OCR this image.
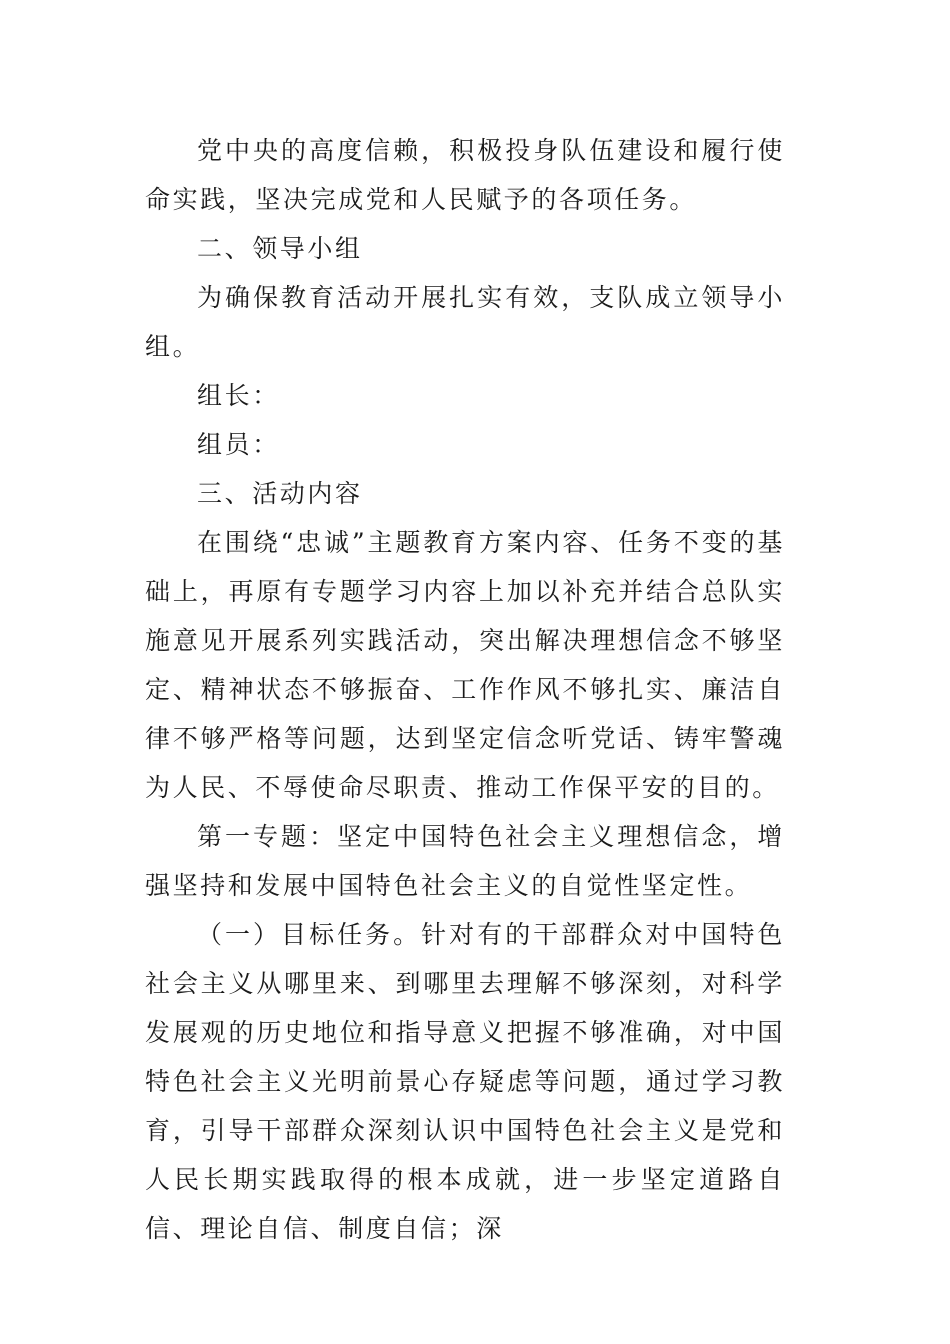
党中央的高度信赖，积极投身队伍建设和履行使命实践，坚决完成党和人民赋予的各项任务。

二、领导小组

为确保教育活动开展扎实有效，支队成立领导小组。

组长：

组员：

三、活动内容

在围绕“忠诚”主题教育方案内容、任务不变的基础上，再原有专题学习内容上加以补充并结合总队实施意见开展系列实践活动，突出解决理想信念不够坚定、精神状态不够振奋、工作作风不够扎实、廉洁自律不够严格等问题，达到坚定信念听党话、铸牢警魂为人民、不辱使命尽职责、推动工作保平安的目的。

第一专题：坚定中国特色社会主义理想信念，增强坚持和发展中国特色社会主义的自觉性坚定性。

（一）目标任务。针对有的干部群众对中国特色社会主义从哪里来、到哪里去理解不够深刻，对科学发展观的历史地位和指导意义把握不够准确，对中国特色社会主义光明前景心存疑虑等问题，通过学习教育，引导干部群众深刻认识中国特色社会主义是党和人民长期实践取得的根本成就，进一步坚定道路自信、理论自信、制度自信；深
